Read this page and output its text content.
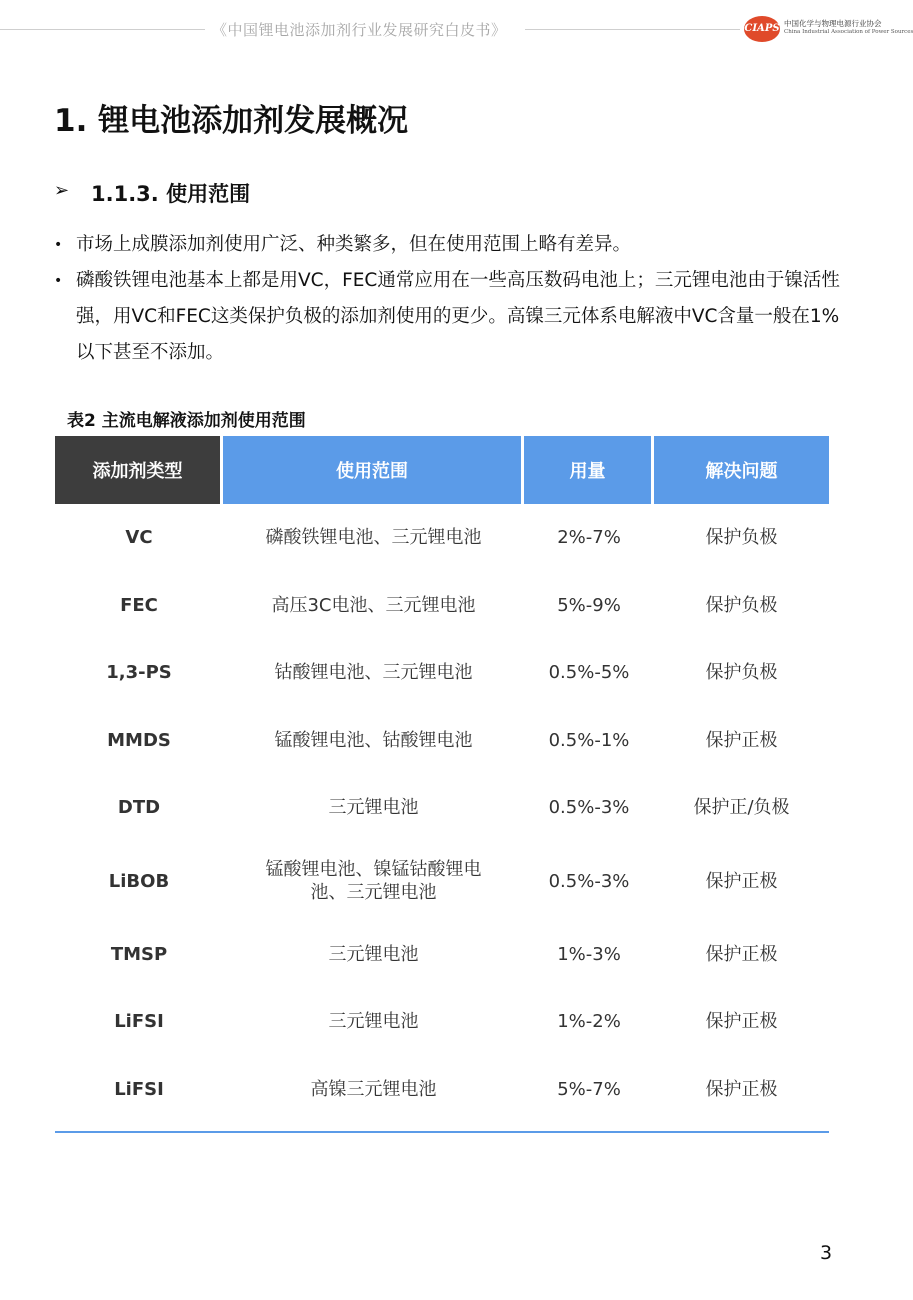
《中国锂电池添加剂行业发展研究白皮书》	CIAPS 中国化学与物理电源行业协会
China Industrial Association of Power Sources
1. 锂电池添加剂发展概况
➢ 1.1.3. 使用范围
• 市场上成膜添加剂使用广泛、种类繁多，但在使用范围上略有差异。
• 磷酸铁锂电池基本上都是用VC，FEC通常应用在一些高压数码电池上；三元锂电池由于镍活性强，用VC和FEC这类保护负极的添加剂使用的更少。高镍三元体系电解液中VC含量一般在1%以下甚至不添加。
表2 主流电解液添加剂使用范围
添加剂类型	使用范围	用量	解决问题
VC	磷酸铁锂电池、三元锂电池	2%-7%	保护负极
FEC	高压3C电池、三元锂电池	5%-9%	保护负极
1,3-PS	钴酸锂电池、三元锂电池	0.5%-5%	保护负极
MMDS	锰酸锂电池、钴酸锂电池	0.5%-1%	保护正极
DTD	三元锂电池	0.5%-3%	保护正/负极
LiBOB	锰酸锂电池、镍锰钴酸锂电池、三元锂电池	0.5%-3%	保护正极
TMSP	三元锂电池	1%-3%	保护正极
LiFSI	三元锂电池	1%-2%	保护正极
LiFSI	高镍三元锂电池	5%-7%	保护正极
3
